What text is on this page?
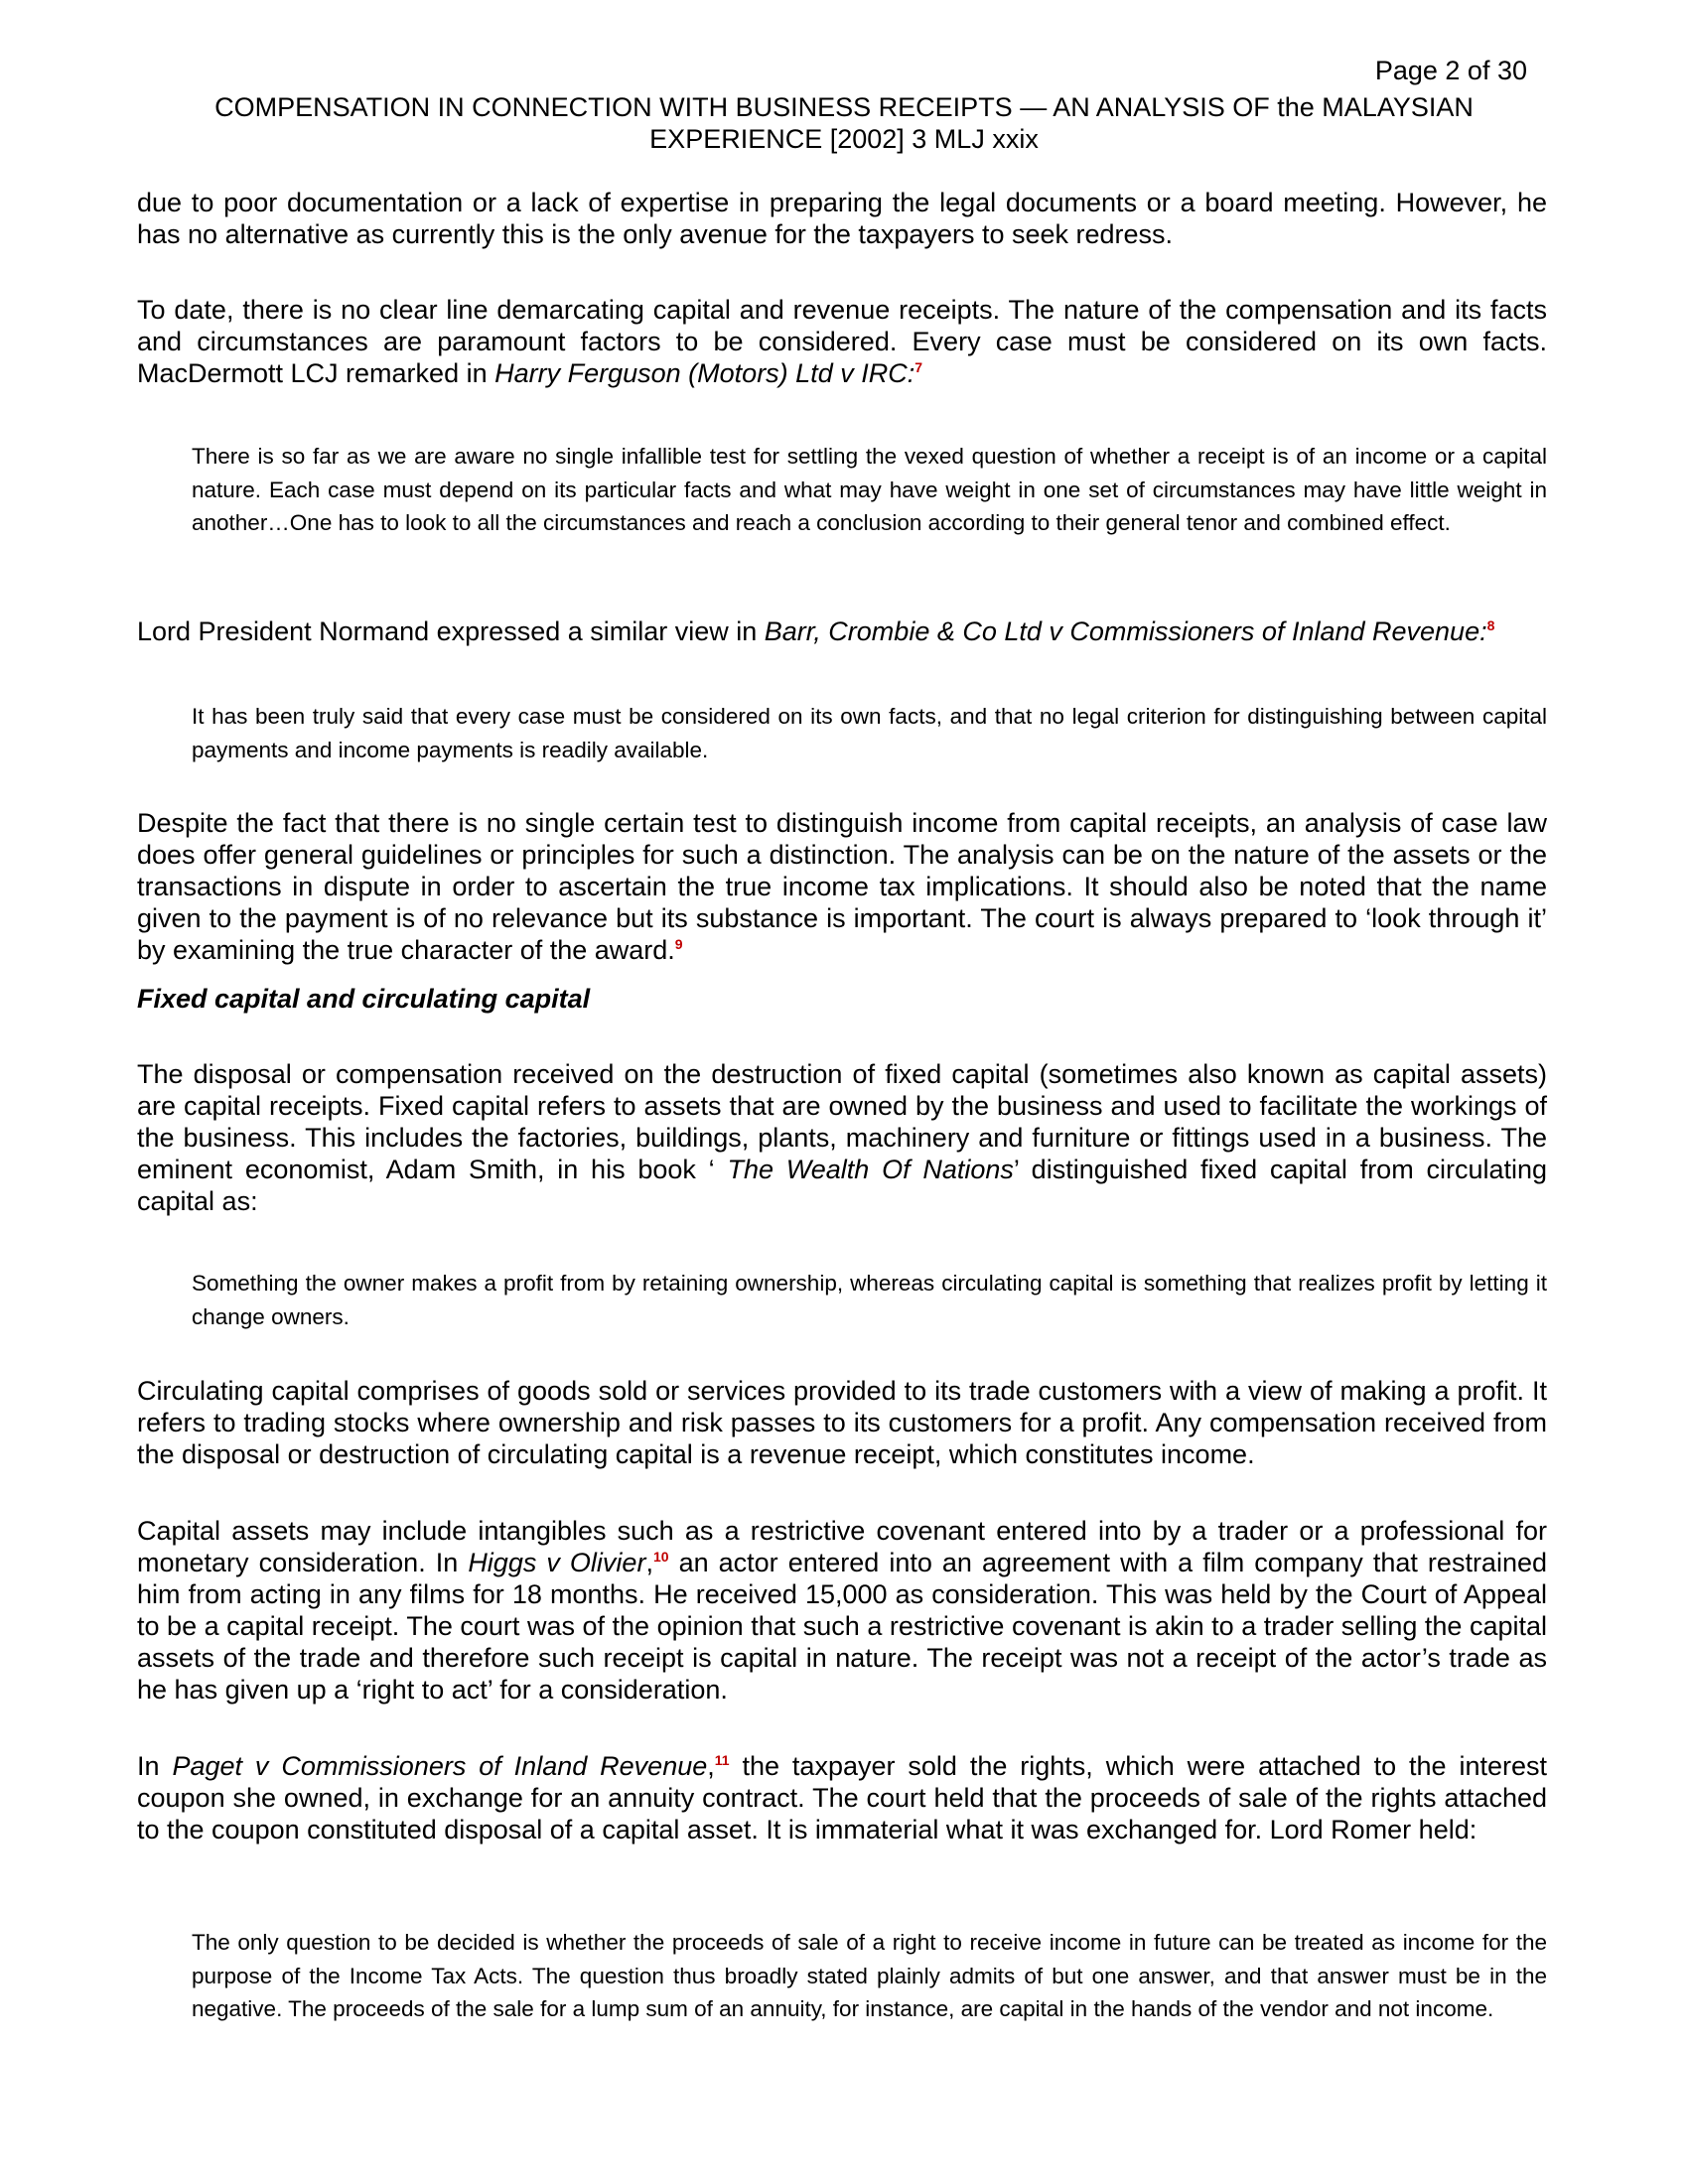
Page 2 of 30
COMPENSATION IN CONNECTION WITH BUSINESS RECEIPTS — AN ANALYSIS OF the MALAYSIAN EXPERIENCE [2002] 3 MLJ xxix
due to poor documentation or a lack of expertise in preparing the legal documents or a board meeting. However, he has no alternative as currently this is the only avenue for the taxpayers to seek redress.
To date, there is no clear line demarcating capital and revenue receipts. The nature of the compensation and its facts and circumstances are paramount factors to be considered. Every case must be considered on its own facts. MacDermott LCJ remarked in Harry Ferguson (Motors) Ltd v IRC:$^7$
There is so far as we are aware no single infallible test for settling the vexed question of whether a receipt is of an income or a capital nature. Each case must depend on its particular facts and what may have weight in one set of circumstances may have little weight in another…One has to look to all the circumstances and reach a conclusion according to their general tenor and combined effect.
Lord President Normand expressed a similar view in Barr, Crombie & Co Ltd v Commissioners of Inland Revenue:$^8$
It has been truly said that every case must be considered on its own facts, and that no legal criterion for distinguishing between capital payments and income payments is readily available.
Despite the fact that there is no single certain test to distinguish income from capital receipts, an analysis of case law does offer general guidelines or principles for such a distinction. The analysis can be on the nature of the assets or the transactions in dispute in order to ascertain the true income tax implications. It should also be noted that the name given to the payment is of no relevance but its substance is important. The court is always prepared to ‘look through it’ by examining the true character of the award.$^9$
Fixed capital and circulating capital
The disposal or compensation received on the destruction of fixed capital (sometimes also known as capital assets) are capital receipts. Fixed capital refers to assets that are owned by the business and used to facilitate the workings of the business. This includes the factories, buildings, plants, machinery and furniture or fittings used in a business. The eminent economist, Adam Smith, in his book ‘ The Wealth Of Nations’ distinguished fixed capital from circulating capital as:
Something the owner makes a profit from by retaining ownership, whereas circulating capital is something that realizes profit by letting it change owners.
Circulating capital comprises of goods sold or services provided to its trade customers with a view of making a profit. It refers to trading stocks where ownership and risk passes to its customers for a profit. Any compensation received from the disposal or destruction of circulating capital is a revenue receipt, which constitutes income.
Capital assets may include intangibles such as a restrictive covenant entered into by a trader or a professional for monetary consideration. In Higgs v Olivier,$^{10}$ an actor entered into an agreement with a film company that restrained him from acting in any films for 18 months. He received 15,000 as consideration. This was held by the Court of Appeal to be a capital receipt. The court was of the opinion that such a restrictive covenant is akin to a trader selling the capital assets of the trade and therefore such receipt is capital in nature. The receipt was not a receipt of the actor’s trade as he has given up a ‘right to act’ for a consideration.
In Paget v Commissioners of Inland Revenue,$^{11}$ the taxpayer sold the rights, which were attached to the interest coupon she owned, in exchange for an annuity contract. The court held that the proceeds of sale of the rights attached to the coupon constituted disposal of a capital asset. It is immaterial what it was exchanged for. Lord Romer held:
The only question to be decided is whether the proceeds of sale of a right to receive income in future can be treated as income for the purpose of the Income Tax Acts. The question thus broadly stated plainly admits of but one answer, and that answer must be in the negative. The proceeds of the sale for a lump sum of an annuity, for instance, are capital in the hands of the vendor and not income.
